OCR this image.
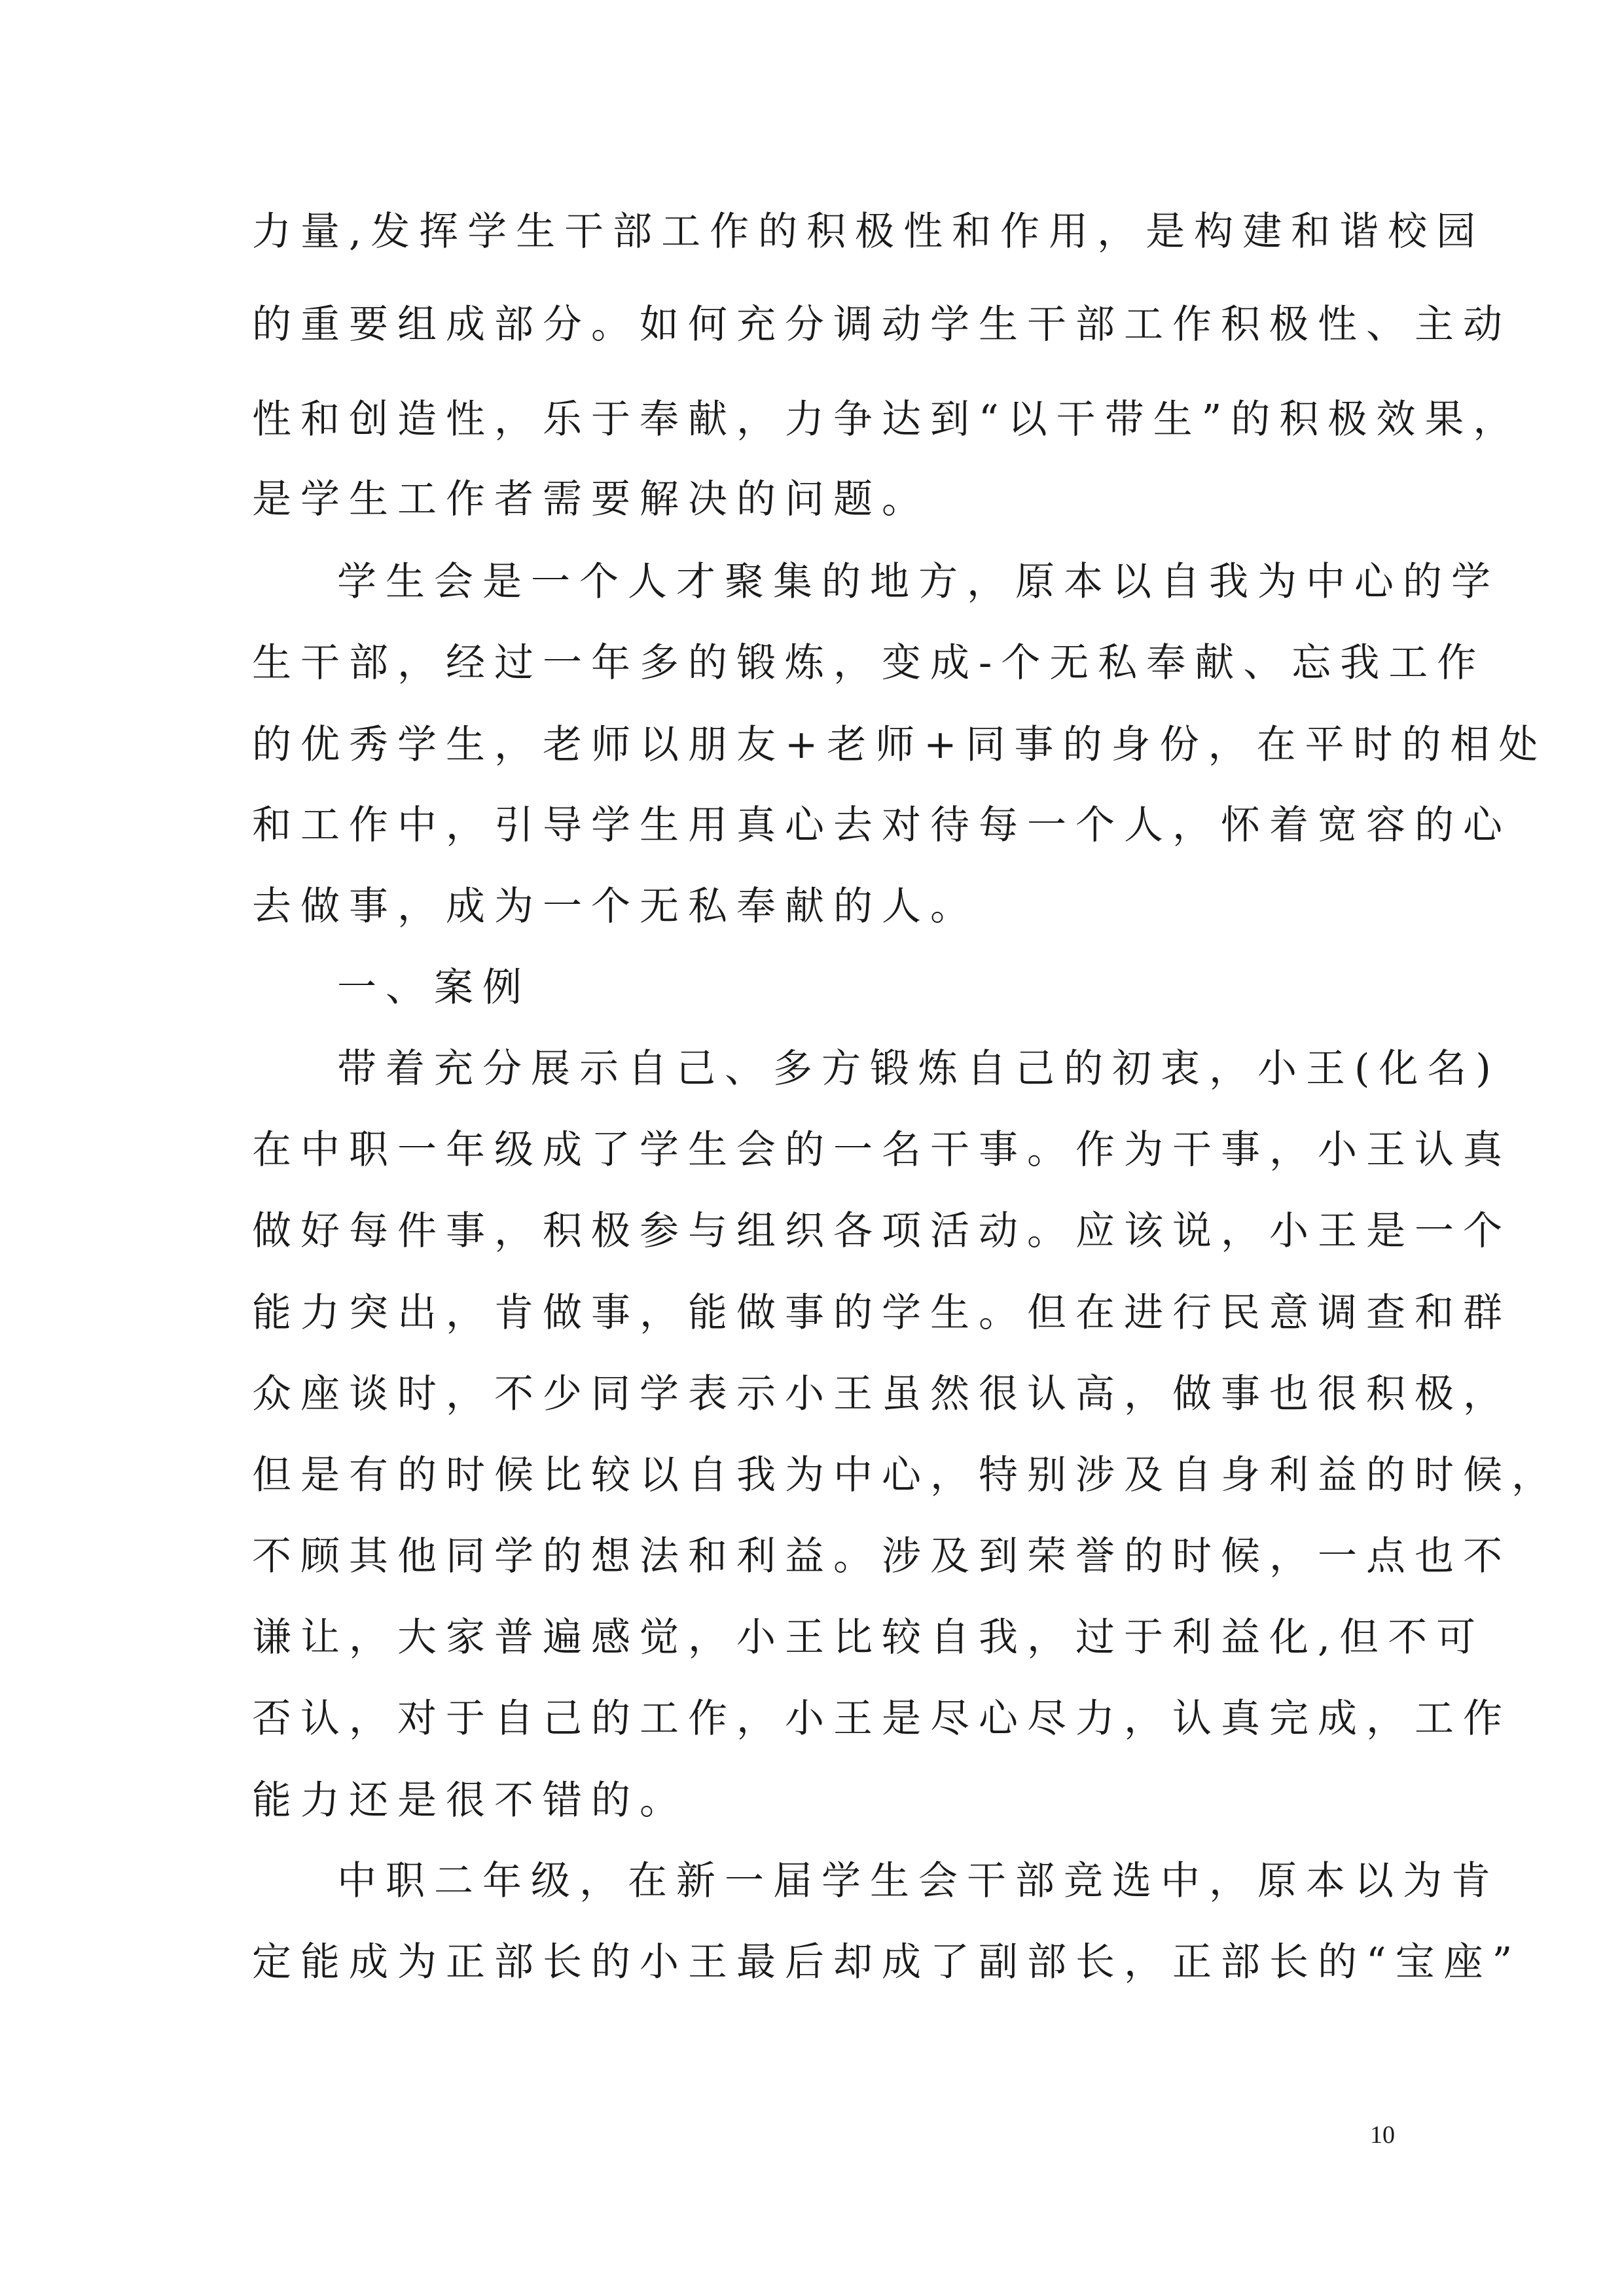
力量,发挥学生干部工作的积极性和作用，是构建和谐校园
的重要组成部分。如何充分调动学生干部工作积极性、主动
性和创造性，乐于奉献，力争达到“以干带生”的积极效果，
是学生工作者需要解决的问题。
学生会是一个人才聚集的地方，原本以自我为中心的学
生干部，经过一年多的锻炼，变成-个无私奉献、忘我工作
的优秀学生，老师以朋友+老师+同事的身份，在平时的相处
和工作中，引导学生用真心去对待每一个人，怀着宽容的心
去做事，成为一个无私奉献的人。
一、案例
带着充分展示自己、多方锻炼自己的初衷，小王(化名)
在中职一年级成了学生会的一名干事。作为干事，小王认真
做好每件事，积极参与组织各项活动。应该说，小王是一个
能力突出，肯做事，能做事的学生。但在进行民意调查和群
众座谈时，不少同学表示小王虽然很认高，做事也很积极，
但是有的时候比较以自我为中心，特别涉及自身利益的时候，
不顾其他同学的想法和利益。涉及到荣誉的时候，一点也不
谦让，大家普遍感觉，小王比较自我，过于利益化,但不可
否认，对于自己的工作，小王是尽心尽力，认真完成，工作
能力还是很不错的。
中职二年级，在新一届学生会干部竞选中，原本以为肯
定能成为正部长的小王最后却成了副部长，正部长的“宝座”
10
